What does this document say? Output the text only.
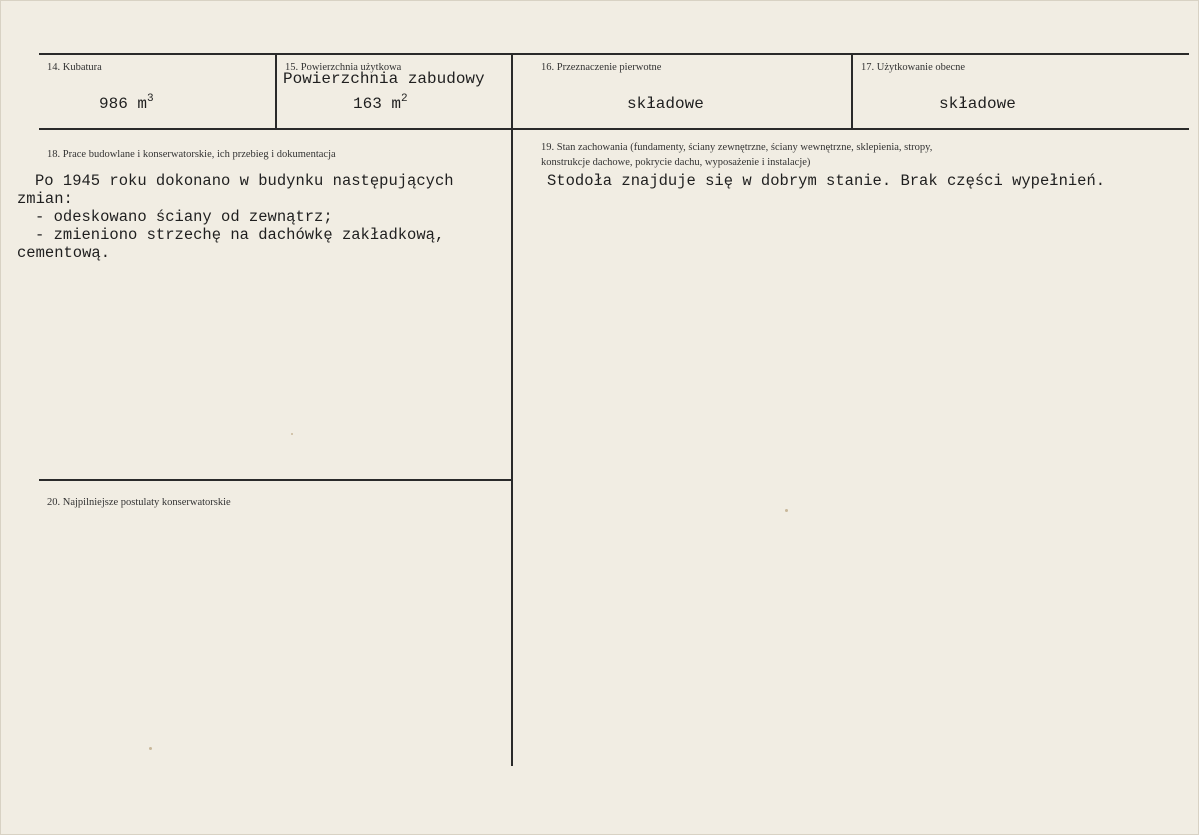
14. Kubatura
986 $m^3$
15. Powierzchnia użytkowa
Powierzchnia zabudowy
163 $m^2$
16. Przeznaczenie pierwotne
składowe
17. Użytkowanie obecne
składowe
18. Prace budowlane i konserwatorskie, ich przebieg i dokumentacja
Po 1945 roku dokonano w budynku następujących
zmian:
- odeskowano ściany od zewnątrz;
- zmieniono strzechę na dachówkę zakładkową,
cementową.
19. Stan zachowania (fundamenty, ściany zewnętrzne, ściany wewnętrzne, sklepienia, stropy,
konstrukcje dachowe, pokrycie dachu, wyposażenie i instalacje)
Stodoła znajduje się w dobrym stanie. Brak części wypełnień.
20. Najpilniejsze postulaty konserwatorskie
